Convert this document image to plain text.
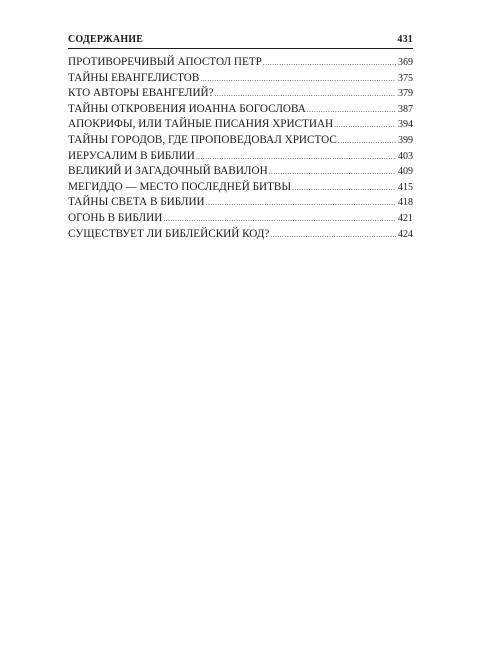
СОДЕРЖАНИЕ	431
ПРОТИВОРЕЧИВЫЙ АПОСТОЛ ПЕТР .....	369
ТАЙНЫ ЕВАНГЕЛИСТОВ .....	375
КТО АВТОРЫ ЕВАНГЕЛИЙ? .....	379
ТАЙНЫ ОТКРОВЕНИЯ ИОАННА БОГОСЛОВА .....	387
АПОКРИФЫ, ИЛИ ТАЙНЫЕ ПИСАНИЯ ХРИСТИАН .....	394
ТАЙНЫ ГОРОДОВ, ГДЕ ПРОПОВЕДОВАЛ ХРИСТОС .....	399
ИЕРУСАЛИМ В БИБЛИИ .....	403
ВЕЛИКИЙ И ЗАГАДОЧНЫЙ ВАВИЛОН .....	409
МЕГИДДО — МЕСТО ПОСЛЕДНЕЙ БИТВЫ .....	415
ТАЙНЫ СВЕТА В БИБЛИИ .....	418
ОГОНЬ В БИБЛИИ .....	421
СУЩЕСТВУЕТ ЛИ БИБЛЕЙСКИЙ КОД? .....	424
